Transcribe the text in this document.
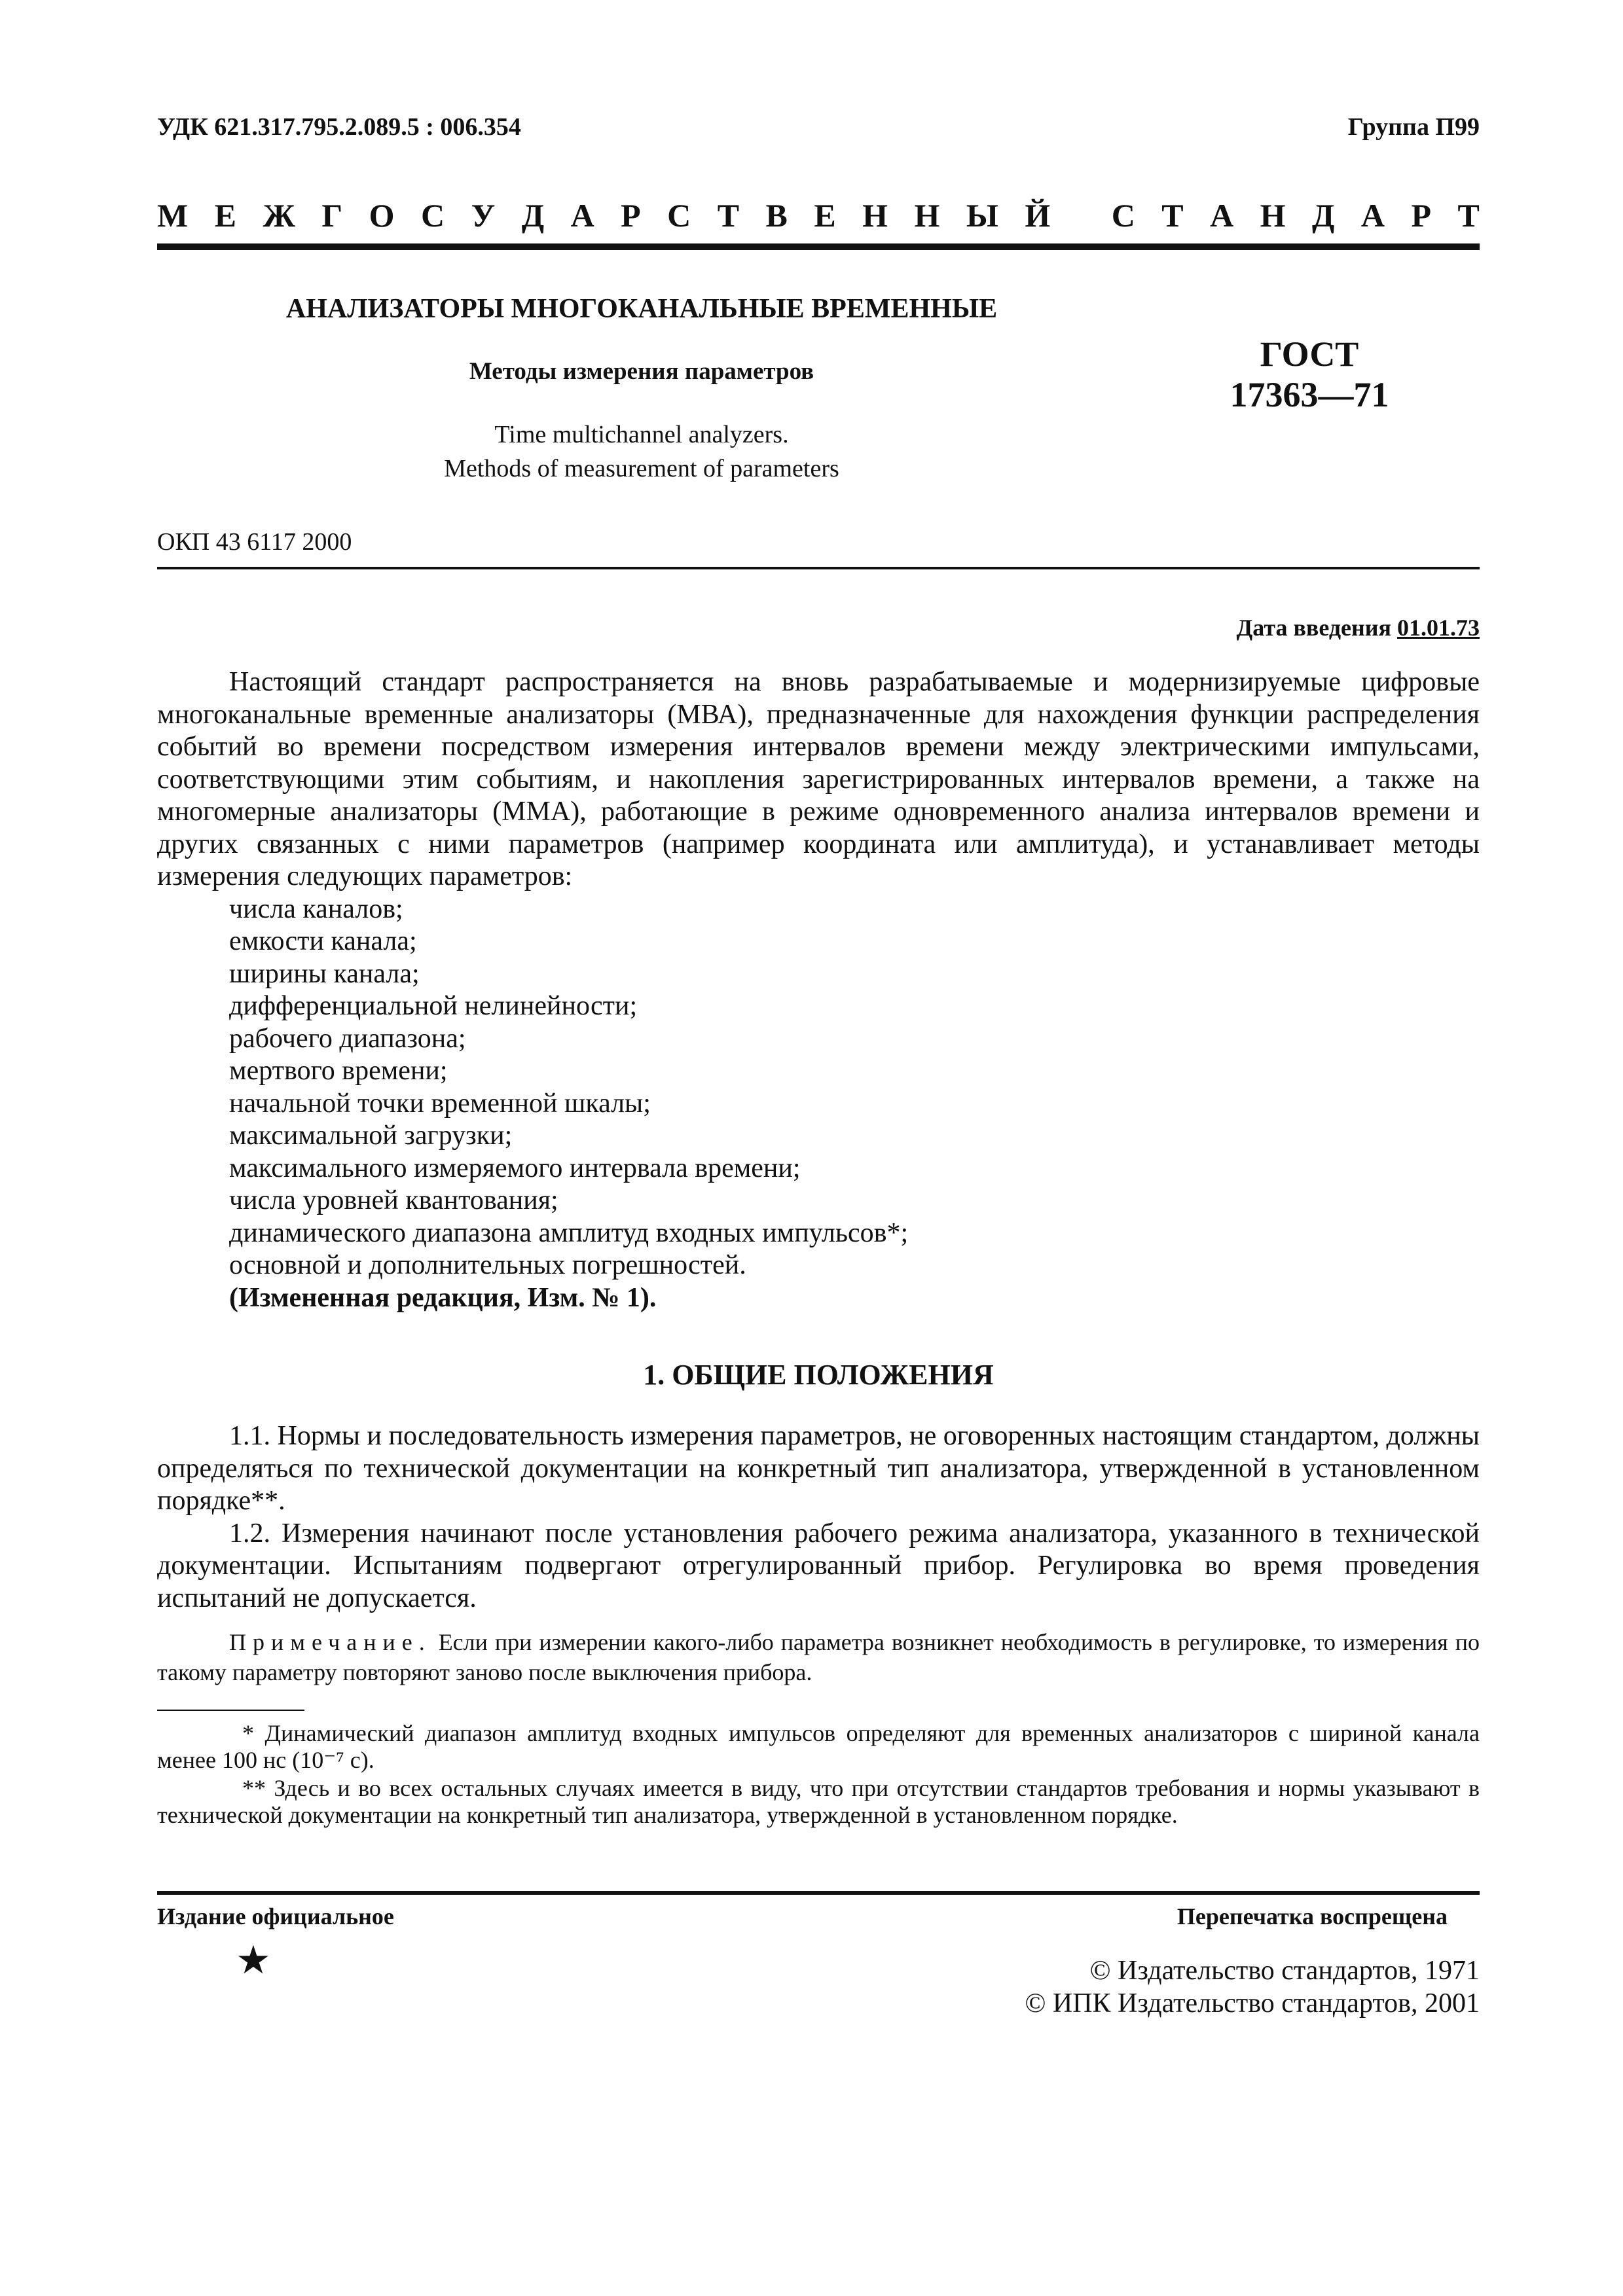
УДК 621.317.795.2.089.5 : 006.354	Группа П99
М Е Ж Г О С У Д А Р С Т В Е Н Н Ы Й
С Т А Н Д А Р Т
АНАЛИЗАТОРЫ МНОГОКАНАЛЬНЫЕ ВРЕМЕННЫЕ
Методы измерения параметров
Time multichannel analyzers.
Methods of measurement of parameters
ГОСТ
17363—71
ОКП 43 6117 2000
Дата введения 01.01.73

Настоящий стандарт распространяется на вновь разрабатываемые и модернизируемые цифровые многоканальные временные анализаторы (МВА), предназначенные для нахождения функции распределения событий во времени посредством измерения интервалов времени между электрическими импульсами, соответствующими этим событиям, и накопления зарегистрированных интервалов времени, а также на многомерные анализаторы (ММА), работающие в режиме одновременного анализа интервалов времени и других связанных с ними параметров (например координата или амплитуда), и устанавливает методы измерения следующих параметров:

числа каналов;
емкости канала;
ширины канала;
дифференциальной нелинейности;
рабочего диапазона;
мертвого времени;
начальной точки временной шкалы;
максимальной загрузки;
максимального измеряемого интервала времени;
числа уровней квантования;
динамического диапазона амплитуд входных импульсов*;
основной и дополнительных погрешностей.
(Измененная редакция, Изм. № 1).
1. ОБЩИЕ ПОЛОЖЕНИЯ

1.1. Нормы и последовательность измерения параметров, не оговоренных настоящим стандартом, должны определяться по технической документации на конкретный тип анализатора, утвержденной в установленном порядке**.

1.2. Измерения начинают после установления рабочего режима анализатора, указанного в технической документации. Испытаниям подвергают отрегулированный прибор. Регулировка во время проведения испытаний не допускается.

Примечание. Если при измерении какого-либо параметра возникнет необходимость в регулировке, то измерения по такому параметру повторяют заново после выключения прибора.
* Динамический диапазон амплитуд входных импульсов определяют для временных анализаторов с шириной канала менее 100 нс (10⁻⁷ с).
** Здесь и во всех остальных случаях имеется в виду, что при отсутствии стандартов требования и нормы указывают в технической документации на конкретный тип анализатора, утвержденной в установленном порядке.
Издание официальное	Перепечатка воспрещена
★	© Издательство стандартов, 1971
© ИПК Издательство стандартов, 2001
